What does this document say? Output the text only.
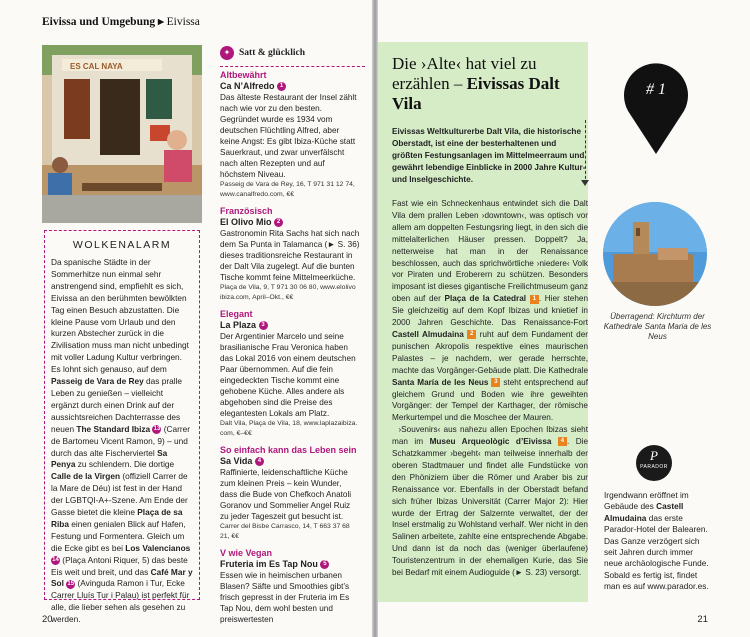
Eivissa und Umgebung ▸ Eivissa
ES CAL NAYA
WOLKENALARM

Da spanische Städte in der Sommerhitze nun einmal sehr anstrengend sind, empfiehlt es sich, Eivissa an den berühmten bewölkten Tag einen Besuch abzustatten. Die kleine Pause vom Urlaub und den kurzen Abstecher zurück in die Zivilisation muss man nicht unbedingt mit voller Ladung Kultur verbringen. Es lohnt sich genauso, auf dem Passeig de Vara de Rey das pralle Leben zu genießen – vielleicht ergänzt durch einen Drink auf der aussichtsreichen Dachterrasse des neuen The Standard Ibiza 13 (Carrer de Bartomeu Vicent Ramon, 9) – und durch das alte Fischerviertel Sa Penya zu schlendern. Die dortige Calle de la Virgen (offiziell Carrer de la Mare de Déu) ist fest in der Hand der LGBTQI-A+-Szene. Am Ende der Gasse bietet die kleine Plaça de sa Riba einen genialen Blick auf Hafen, Festung und Formentera. Gleich um die Ecke gibt es bei Los Valencianos 14 (Plaça Antoni Riquer, 5) das beste Eis weit und breit, und das Café Mar y Sol 15 (Avinguda Ramon i Tur, Ecke Carrer Lluís Tur i Palau) ist perfekt für alle, die lieber sehen als gesehen zu werden.

✦ Satt & glücklich
Altbewährt
Ca N’Alfredo 1
Das älteste Restaurant der Insel zählt nach wie vor zu den besten. Gegründet wurde es 1934 vom deutschen Flüchtling Alfred, aber keine Angst: Es gibt Ibiza-Küche statt Sauerkraut, und zwar unverfälscht nach alten Rezepten und auf höchstem Niveau.
Passeig de Vara de Rey, 16, T 971 31 12 74, www.canalfredo.com, €€
Französisch
El Olivo Mio 2
Gastronomin Rita Sachs hat sich nach dem Sa Punta in Talamanca (► S. 36) dieses traditionsreiche Restaurant in der Dalt Vila zugelegt. Auf die bunten Tische kommt feine Mittelmeerküche.
Plaça de Vila, 9, T 971 30 06 80, www.elolivo ibiza.com, April–Okt., €€
Elegant
La Plaza 3
Der Argentinier Marcelo und seine brasilianische Frau Veronica haben das Lokal 2016 von einem deutschen Paar übernommen. Auf die fein eingedeckten Tische kommt eine gehobene Küche. Alles andere als abgehoben sind die Preise des elegantesten Lokals am Platz.
Dalt Vila, Plaça de Vila, 18, www.laplazaibiza. com, €–€€
So einfach kann das Leben sein
Sa Vida 4
Raffinierte, leidenschaftliche Küche zum kleinen Preis – kein Wunder, dass die Bude von Chefkoch Anatoli Goranov und Sommelier Angel Ruiz zu jeder Tageszeit gut besucht ist.
Carrer del Bisbe Carrasco, 14, T 663 37 68 21, €€
V wie Vegan
Fruteria im Es Tap Nou 5
Essen wie in heimischen urbanen Blasen? Säfte und Smoothies gibt’s frisch gepresst in der Fruteria im Es Tap Nou, dem wohl besten und preiswertesten
20
Die ›Alte‹ hat viel zu erzählen – Eivissas Dalt Vila
Eivissas Weltkulturerbe Dalt Vila, die historische Oberstadt, ist eine der besterhaltenen und größten Festungsanlagen im Mittelmeerraum und gewährt lebendige Einblicke in 2000 Jahre Kultur- und Inselgeschichte.
Fast wie ein Schneckenhaus entwindet sich die Dalt Vila dem prallen Leben ›downtown‹, was optisch vor allem am doppelten Festungsring liegt, in den sich die mittelalterlichen Häuser pressen. Doppelt? Ja, netterweise hat man in der Renaissance beschlossen, auch das sprichwörtliche ›niedere‹ Volk vor Piraten und Eroberern zu schützen. Besonders imposant ist dieses gigantische Freilichtmuseum ganz oben auf der Plaça de la Catedral 1 . Hier stehen Sie gleichzeitig auf dem Kopf Ibizas und knietief in 2000 Jahren Geschichte. Das Renaissance-Fort Castell Almudaina 2 ruht auf dem Fundament der punischen Akropolis respektive eines maurischen Palastes – je nachdem, wer gerade herrschte, machte das Vorgänger-Gebäude platt. Die Kathedrale Santa María de les Neus 3 steht entsprechend auf gleichem Grund und Boden wie ihre geweihten Vorgänger: der Tempel der Karthager, der römische Merkurtempel und die Moschee der Mauren.
›Souvenirs‹ aus nahezu allen Epochen Ibizas sieht man im Museu Arqueològic d’Eivissa 4 . Die Schatzkammer ›begeht‹ man teilweise innerhalb der oberen Stadtmauer und findet alle Fundstücke von den Phöniziern über die Römer und Araber bis zur Renaissance vor. Ebenfalls in der Oberstadt befand sich früher Ibizas Universität (Carrer Major 2): Hier wurde der Ertrag der Salzernte verwaltet, der der Insel erstmalig zu Wohlstand verhalf. Wer nicht in den Salinen arbeitete, zahlte eine entsprechende Abgabe. Und dann ist da noch das (weniger überlaufene) Touristenzentrum in der ehemaligen Kurie, das Sie bei Bedarf mit einem Audioguide (► S. 23) versorgt.
# 1
Überragend: Kirchturm der Kathedrale Santa Maria de les Neus
P
PARADOR
Irgendwann eröffnet im Gebäude des Castell Almudaina das erste Parador-Hotel der Balearen. Das Ganze verzögert sich seit Jahren durch immer neue archäologische Funde. Sobald es fertig ist, findet man es auf www.parador.es.
21
